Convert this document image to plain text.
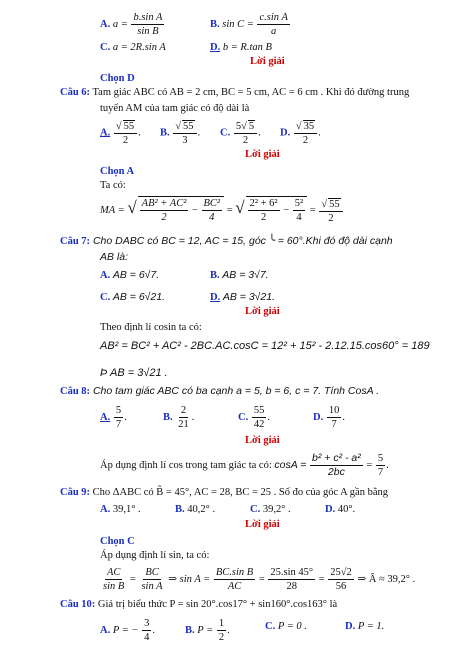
A. $a = \frac{\text{b.sin A}}{\text{sin B}}$	B. $\sin C = \frac{\text{c.sin A}}{a}$
C. a = 2R.sin A	D. b = R.tan B
Lời giải
Chọn D
Câu 6: Tam giác ABC có AB = 2 cm, BC = 5 cm, AC = 6 cm . Khi đó đường trung
tuyến AM của tam giác có độ dài là
A. $\frac{√ 55}{2}$ . B. $\frac{√ 55}{3}$ . C. $\frac{5√ 5}{2}$ . D. $\frac{√ 35}{2}$ .
Lời giải
Chọn A
Ta có:
MA = √ $\frac{\text{AB² + AC²}}{2} - \frac{\text{BC²}}{4}$ = √ $\frac{\text{2² + 6²}}{2} - \frac{\text{5²}}{4} = \frac{√ 55}{2}$
Câu 7: Cho DABC có BC = 12, AC = 15, góc ╰ = 60°.Khi đó độ dài cạnh
AB là:
A. AB = 6√7.	B. AB = 3√7.
C. AB = 6√21.	D. AB = 3√21.
Lời giải
Theo định lí cosin ta có:
AB² = BC² + AC² - 2BC.AC.cosC = 12² + 15² - 2.12.15.cos60° = 189
Þ AB = 3√21 .
Câu 8: Cho tam giác ABC có ba cạnh a = 5, b = 6, c = 7. Tính CosA .
A. $\frac{5}{7}$ .	B. $\frac{2}{21}$ .	C. $\frac{55}{42}$ .	D. $\frac{10}{7}$ .
Lời giải
Áp dụng định lí cos trong tam giác ta có: $\cos A = \frac{\text{b² + c² - a²}}{2bc} = \frac{5}{7}$ .
Câu 9: Cho ΔABC có B̂ = 45°, AC = 28, BC = 25 . Số đo của góc A gần bằng
A. 39,1° .	B. 40,2° .	C. 39,2° .	D. 40°.
Lời giải
Chọn C
Áp dụng định lí sin, ta có:
$\frac{AC}{\text{sin B}} = \frac{BC}{\text{sin A}}$ ⇒ $\sin A = \frac{\text{BC.sin B}}{AC} = \frac{25.\sin 45^\circ}{28} = \frac{25√2}{56}$ ⇒ Â ≈ 39,2° .
Câu 10: Giá trị biểu thức P = sin 20°.cos17° + sin160°.cos163° là
A. P = − $\frac{3}{4}$ .	B. $P = \frac{1}{2}$ .	C. P = 0 .	D. P = 1.
